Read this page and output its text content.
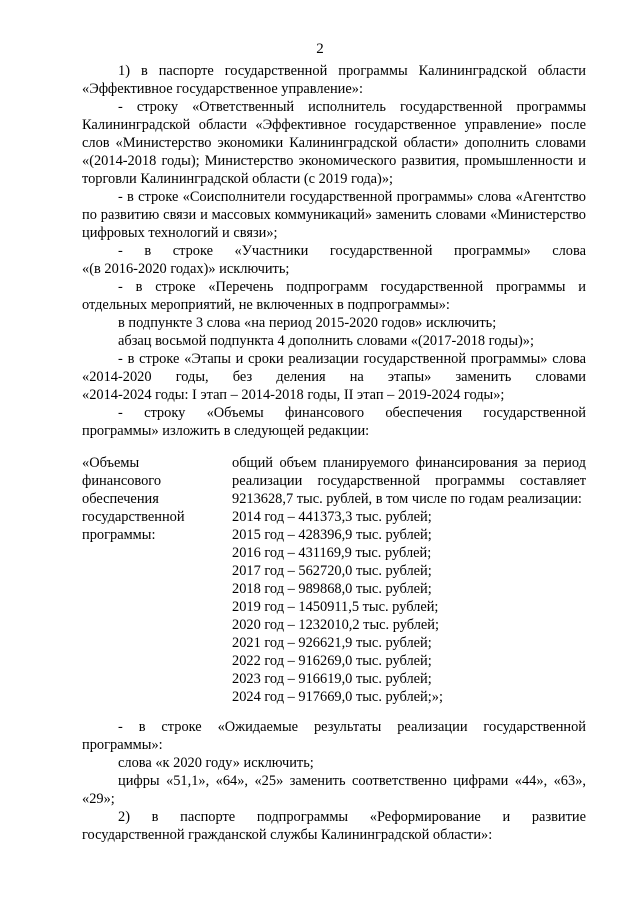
2

1) в паспорте государственной программы Калининградской области

«Эффективное государственное управление»:

- строку «Ответственный исполнитель государственной программы Калининградской области «Эффективное государственное управление» после слов «Министерство экономики Калининградской области» дополнить словами «(2014-2018 годы); Министерство экономического развития, промышленности и торговли Калининградской области (с 2019 года)»;

- в строке «Соисполнители государственной программы» слова «Агентство по развитию связи и массовых коммуникаций» заменить словами «Министерство цифровых технологий и связи»;

- в строке «Участники государственной программы» слова

«(в 2016-2020 годах)» исключить;

- в строке «Перечень подпрограмм государственной программы и отдельных мероприятий, не включенных в подпрограммы»:

в подпункте 3 слова «на период 2015-2020 годов» исключить;

абзац восьмой подпункта 4 дополнить словами «(2017-2018 годы)»;

- в строке «Этапы и сроки реализации государственной программы» слова

«2014-2020 годы, без деления на этапы» заменить словами

«2014-2024 годы: I этап – 2014-2018 годы, II этап – 2019-2024 годы»;

- строку «Объемы финансового обеспечения государственной

программы» изложить в следующей редакции:

«Объемы
финансового
обеспечения
государственной
программы:
общий объем планируемого финансирования за период
реализации государственной программы составляет
9213628,7 тыс. рублей, в том числе по годам реализации:
2014 год – 441373,3 тыс. рублей;
2015 год – 428396,9 тыс. рублей;
2016 год – 431169,9 тыс. рублей;
2017 год – 562720,0 тыс. рублей;
2018 год – 989868,0 тыс. рублей;
2019 год – 1450911,5 тыс. рублей;
2020 год – 1232010,2 тыс. рублей;
2021 год – 926621,9 тыс. рублей;
2022 год – 916269,0 тыс. рублей;
2023 год – 916619,0 тыс. рублей;
2024 год – 917669,0 тыс. рублей;»;

- в строке «Ожидаемые результаты реализации государственной

программы»:

слова «к 2020 году» исключить;

цифры «51,1», «64», «25» заменить соответственно цифрами «44», «63»,

«29»;

2) в паспорте подпрограммы «Реформирование и развитие

государственной гражданской службы Калининградской области»:
